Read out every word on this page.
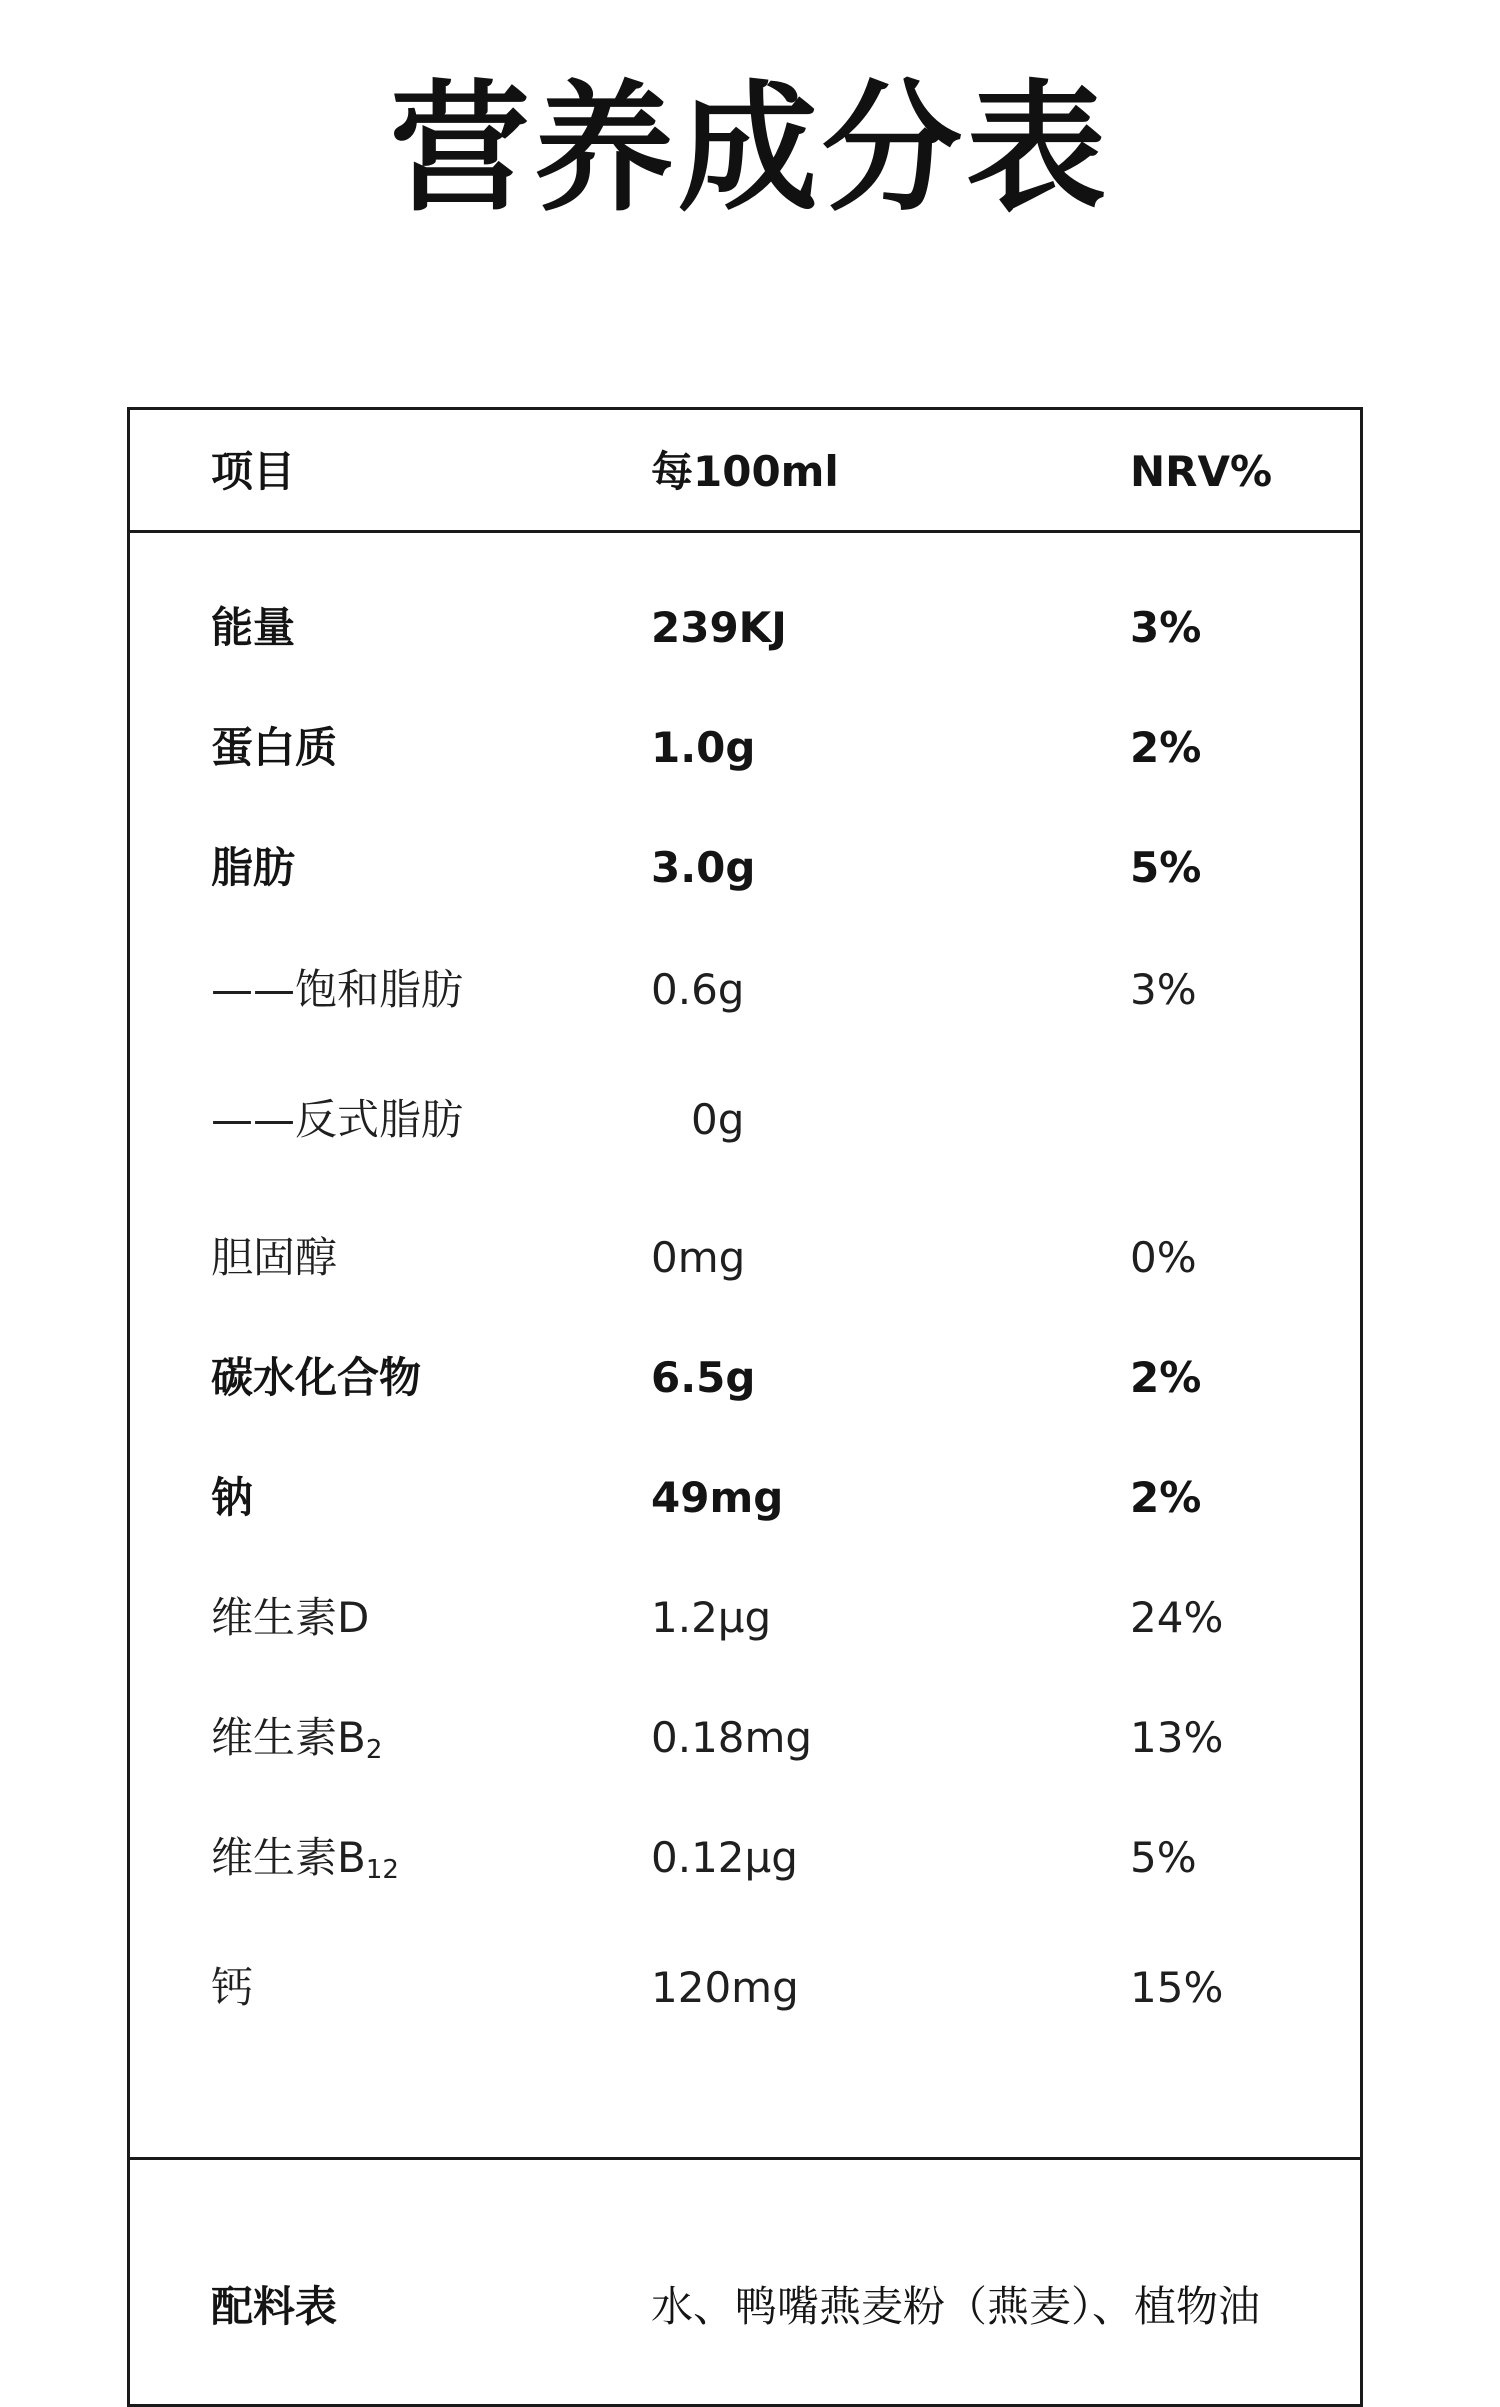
营养成分表
项目	每100ml	NRV%
能量	239KJ	3%
蛋白质	1.0g	2%
脂肪	3.0g	5%
——饱和脂肪	0.6g	3%
——反式脂肪	0g
胆固醇	0mg	0%
碳水化合物	6.5g	2%
钠	49mg	2%
维生素D	1.2μg	24%
维生素$B_2$	0.18mg	13%
维生素$B_{12}$	0.12μg	5%
钙	120mg	15%
配料表	水、鸭嘴燕麦粉（燕麦）、植物油
